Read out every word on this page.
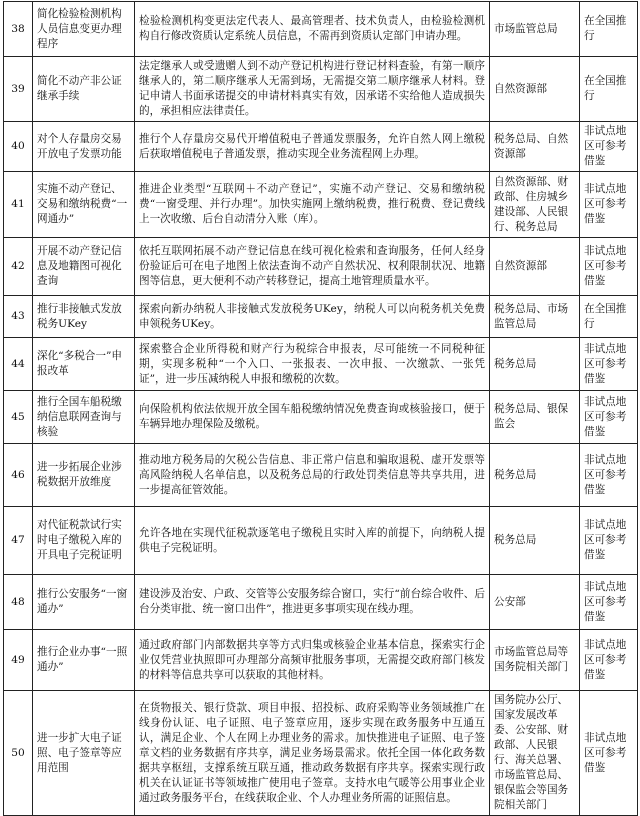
38	简化检验检测机构人员信息变更办理程序	检验检测机构变更法定代表人、最高管理者、技术负责人，由检验检测机构自行修改资质认定系统人员信息，不需再到资质认定部门申请办理。	市场监管总局	在全国推行
39	简化不动产非公证继承手续	法定继承人或受遗赠人到不动产登记机构进行登记材料查验，有第一顺序继承人的，第二顺序继承人无需到场，无需提交第二顺序继承人材料。登记申请人书面承诺提交的申请材料真实有效，因承诺不实给他人造成损失的，承担相应法律责任。	自然资源部	在全国推行
40	对个人存量房交易开放电子发票功能	推行个人存量房交易代开增值税电子普通发票服务，允许自然人网上缴税后获取增值税电子普通发票，推动实现全业务流程网上办理。	税务总局、自然资源部	非试点地区可参考借鉴
41	实施不动产登记、交易和缴纳税费“一网通办”	推进企业类型“互联网＋不动产登记”，实施不动产登记、交易和缴纳税费“一窗受理、并行办理”。加快实施网上缴纳税费，推行税费、登记费线上一次收缴、后台自动清分入账（库）。	自然资源部、财政部、住房城乡建设部、人民银行、税务总局	非试点地区可参考借鉴
42	开展不动产登记信息及地籍图可视化查询	依托互联网拓展不动产登记信息在线可视化检索和查询服务，任何人经身份验证后可在电子地图上依法查询不动产自然状况、权利限制状况、地籍图等信息，更大便利不动产转移登记，提高土地管理质量水平。	自然资源部	非试点地区可参考借鉴
43	推行非接触式发放税务UKey	探索向新办纳税人非接触式发放税务UKey，纳税人可以向税务机关免费申领税务UKey。	税务总局、市场监管总局	在全国推行
44	深化“多税合一”申报改革	探索整合企业所得税和财产行为税综合申报表，尽可能统一不同税种征期，实现多税种“一个入口、一张报表、一次申报、一次缴款、一张凭证”，进一步压减纳税人申报和缴税的次数。	税务总局	非试点地区可参考借鉴
45	推行全国车船税缴纳信息联网查询与核验	向保险机构依法依规开放全国车船税缴纳情况免费查询或核验接口，便于车辆异地办理保险及缴税。	税务总局、银保监会	非试点地区可参考借鉴
46	进一步拓展企业涉税数据开放维度	推动地方税务局的欠税公告信息、非正常户信息和骗取退税、虚开发票等高风险纳税人名单信息，以及税务总局的行政处罚类信息等共享共用，进一步提高征管效能。	税务总局	非试点地区可参考借鉴
47	对代征税款试行实时电子缴税入库的开具电子完税证明	允许各地在实现代征税款逐笔电子缴税且实时入库的前提下，向纳税人提供电子完税证明。	税务总局	非试点地区可参考借鉴
48	推行公安服务“一窗通办”	建设涉及治安、户政、交管等公安服务综合窗口，实行“前台综合收件、后台分类审批、统一窗口出件”，推进更多事项实现在线办理。	公安部	非试点地区可参考借鉴
49	推行企业办事“一照通办”	通过政府部门内部数据共享等方式归集或核验企业基本信息，探索实行企业仅凭营业执照即可办理部分高频审批服务事项，无需提交政府部门核发的材料等信息共享可以获取的其他材料。	市场监管总局等国务院相关部门	非试点地区可参考借鉴
50	进一步扩大电子证照、电子签章等应用范围	在货物报关、银行贷款、项目申报、招投标、政府采购等业务领域推广在线身份认证、电子证照、电子签章应用，逐步实现在政务服务中互通互认，满足企业、个人在网上办理业务的需求。加快推进电子证照、电子签章文档的业务数据有序共享，满足业务场景需求。依托全国一体化政务数据共享枢纽，支撑系统互联互通，推动政务数据有序共享。探索实现行政机关在认证证书等领域推广使用电子签章。支持水电气暖等公用事业企业通过政务服务平台，在线获取企业、个人办理业务所需的证照信息。	国务院办公厅、国家发展改革委、公安部、财政部、人民银行、海关总署、市场监管总局、银保监会等国务院相关部门	非试点地区可参考借鉴
